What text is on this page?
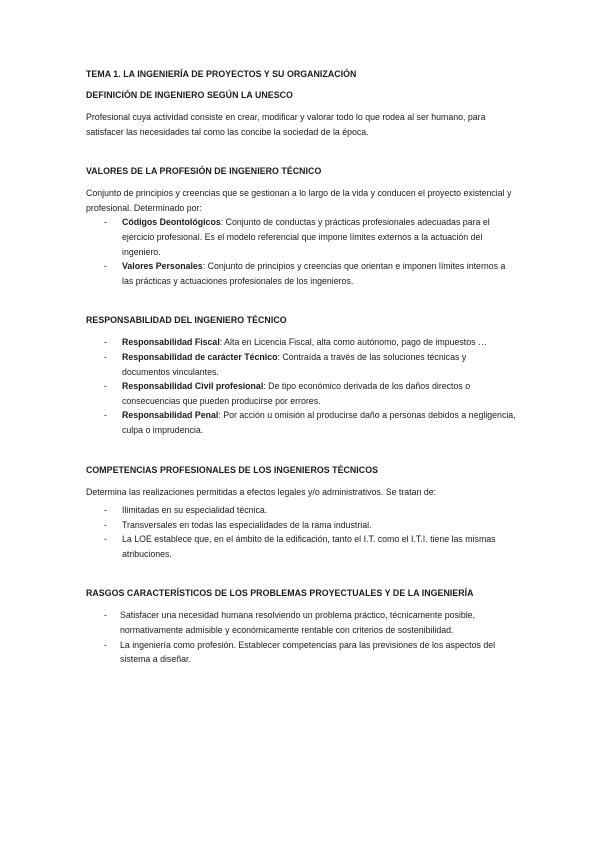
TEMA 1. LA INGENIERÍA DE PROYECTOS Y SU ORGANIZACIÓN

DEFINICIÓN DE INGENIERO SEGÚN LA UNESCO

Profesional cuya actividad consiste en crear, modificar y valorar todo lo que rodea al ser humano, para satisfacer las necesidades tal como las concibe la sociedad de la época.

VALORES DE LA PROFESIÓN DE INGENIERO TÉCNICO

Conjunto de principios y creencias que se gestionan a lo largo de la vida y conducen el proyecto existencial y profesional. Determinado por:

- Códigos Deontológicos: Conjunto de conductas y prácticas profesionales adecuadas para el ejercicio profesional. Es el modelo referencial que impone límites externos a la actuación del ingeniero.
- Valores Personales: Conjunto de principios y creencias que orientan e imponen límites internos a las prácticas y actuaciones profesionales de los ingenieros.

RESPONSABILIDAD DEL INGENIERO TÉCNICO

- Responsabilidad Fiscal: Alta en Licencia Fiscal, alta como autónomo, pago de impuestos …
- Responsabilidad de carácter Técnico: Contraída a través de las soluciones técnicas y documentos vinculantes.
- Responsabilidad Civil profesional: De tipo económico derivada de los daños directos o consecuencias que pueden producirse por errores.
- Responsabilidad Penal: Por acción u omisión al producirse daño a personas debidos a negligencia, culpa o imprudencia.

COMPETENCIAS PROFESIONALES DE LOS INGENIEROS TÉCNICOS

Determina las realizaciones permitidas a efectos legales y/o administrativos. Se tratan de:

- Ilimitadas en su especialidad técnica.
- Transversales en todas las especialidades de la rama industrial.
- La LOE establece que, en el ámbito de la edificación, tanto el I.T. como el I.T.I. tiene las mismas atribuciones.

RASGOS CARACTERÍSTICOS DE LOS PROBLEMAS PROYECTUALES Y DE LA INGENIERÍA

- Satisfacer una necesidad humana resolviendo un problema práctico, técnicamente posible, normativamente admisible y económicamente rentable con criterios de sostenibilidad.
- La ingeniería como profesión. Establecer competencias para las previsiones de los aspectos del sistema a diseñar.
